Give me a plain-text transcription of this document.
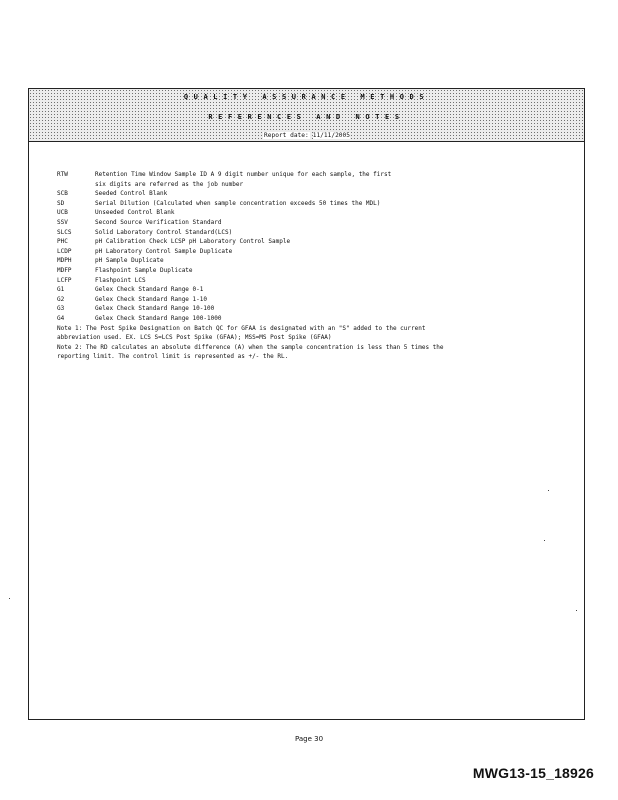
QUALITY ASSURANCE METHODS
REFERENCES AND NOTES
Report date: 11/11/2005
RTW	Retention Time Window Sample ID A 9 digit number unique for each sample, the first
six digits are referred as the job number
SCB	Seeded Control Blank
SD	Serial Dilution (Calculated when sample concentration exceeds 50 times the MDL)
UCB	Unseeded Control Blank
SSV	Second Source Verification Standard
SLCS	Solid Laboratory Control Standard(LCS)
PHC	pH Calibration Check LCSP pH Laboratory Control Sample
LCDP	pH Laboratory Control Sample Duplicate
MDPH	pH Sample Duplicate
MDFP	Flashpoint Sample Duplicate
LCFP	Flashpoint LCS
G1	Gelex Check Standard Range 0-1
G2	Gelex Check Standard Range 1-10
G3	Gelex Check Standard Range 10-100
G4	Gelex Check Standard Range 100-1000
Note 1: The Post Spike Designation on Batch QC for GFAA is designated with an "S" added to the current
abbreviation used. EX. LCS S=LCS Post Spike (GFAA); MSS=MS Post Spike (GFAA)
Note 2: The RD calculates an absolute difference (A) when the sample concentration is less than 5 times the
reporting limit. The control limit is represented as +/- the RL.
Page 30
MWG13-15_18926
